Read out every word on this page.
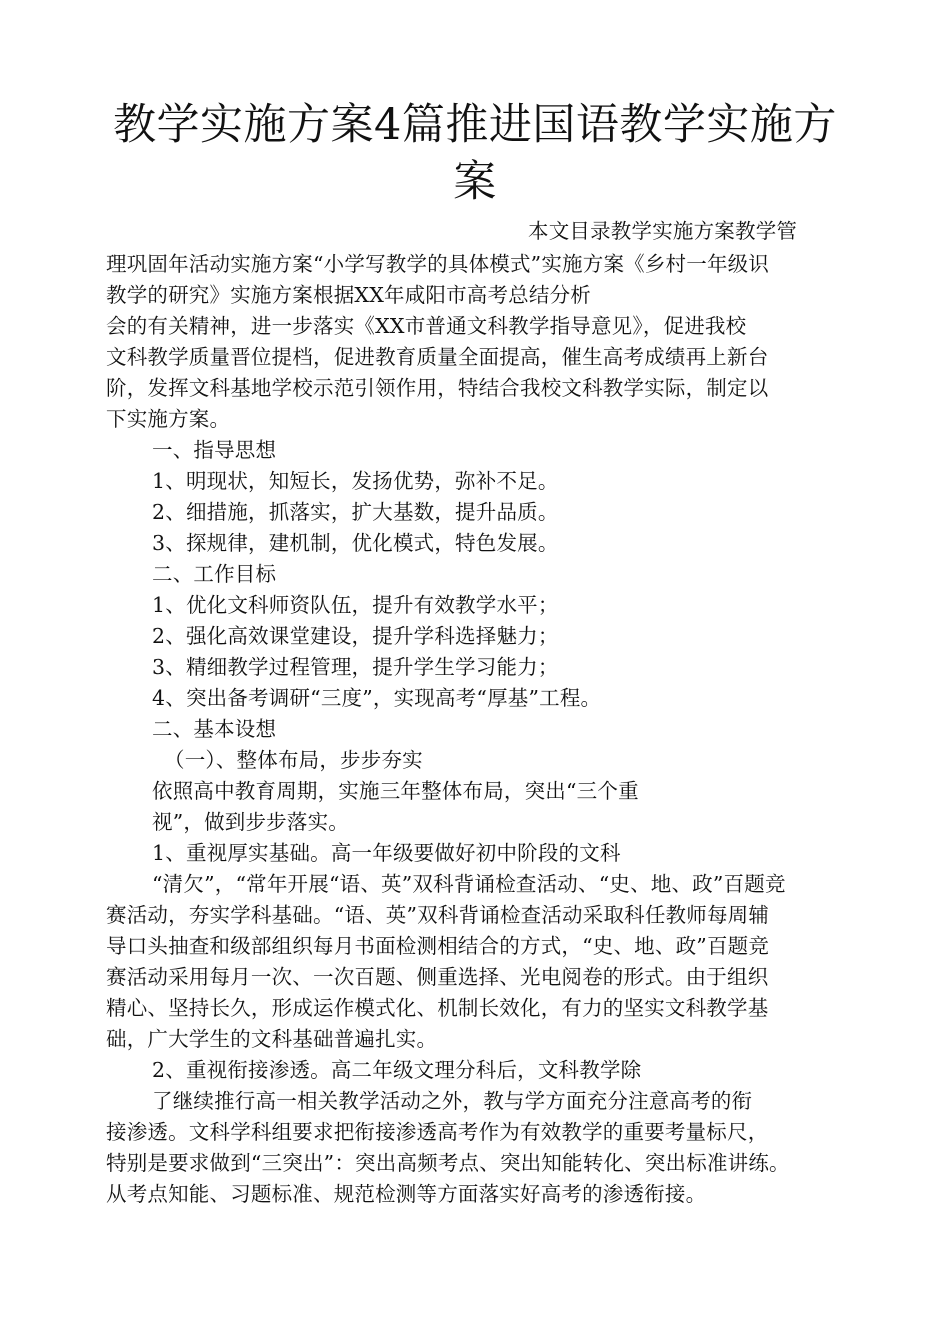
教学实施方案4篇推进国语教学实施方
案
本文目录教学实施方案教学管
理巩固年活动实施方案“小学写教学的具体模式”实施方案《乡村一年级识
教学的研究》实施方案根据XX年咸阳市高考总结分析
会的有关精神，进一步落实《XX市普通文科教学指导意见》，促进我校
文科教学质量晋位提档，促进教育质量全面提高，催生高考成绩再上新台
阶，发挥文科基地学校示范引领作用，特结合我校文科教学实际，制定以
下实施方案。
一、指导思想
1、明现状，知短长，发扬优势，弥补不足。
2、细措施，抓落实，扩大基数，提升品质。
3、探规律，建机制，优化模式，特色发展。
二、工作目标
1、优化文科师资队伍，提升有效教学水平；
2、强化高效课堂建设，提升学科选择魅力；
3、精细教学过程管理，提升学生学习能力；
4、突出备考调研“三度”，实现高考“厚基”工程。
二、基本设想
（一）、整体布局，步步夯实
依照高中教育周期，实施三年整体布局，突出“三个重
视”，做到步步落实。
1、重视厚实基础。高一年级要做好初中阶段的文科
“清欠”，“常年开展“语、英”双科背诵检查活动、“史、地、政”百题竞
赛活动，夯实学科基础。“语、英”双科背诵检查活动采取科任教师每周辅
导口头抽查和级部组织每月书面检测相结合的方式，“史、地、政”百题竞
赛活动采用每月一次、一次百题、侧重选择、光电阅卷的形式。由于组织
精心、坚持长久，形成运作模式化、机制长效化，有力的坚实文科教学基
础，广大学生的文科基础普遍扎实。
2、重视衔接渗透。高二年级文理分科后，文科教学除
了继续推行高一相关教学活动之外，教与学方面充分注意高考的衔
接渗透。文科学科组要求把衔接渗透高考作为有效教学的重要考量标尺，
特别是要求做到“三突出”：突出高频考点、突出知能转化、突出标准讲练。
从考点知能、习题标准、规范检测等方面落实好高考的渗透衔接。
